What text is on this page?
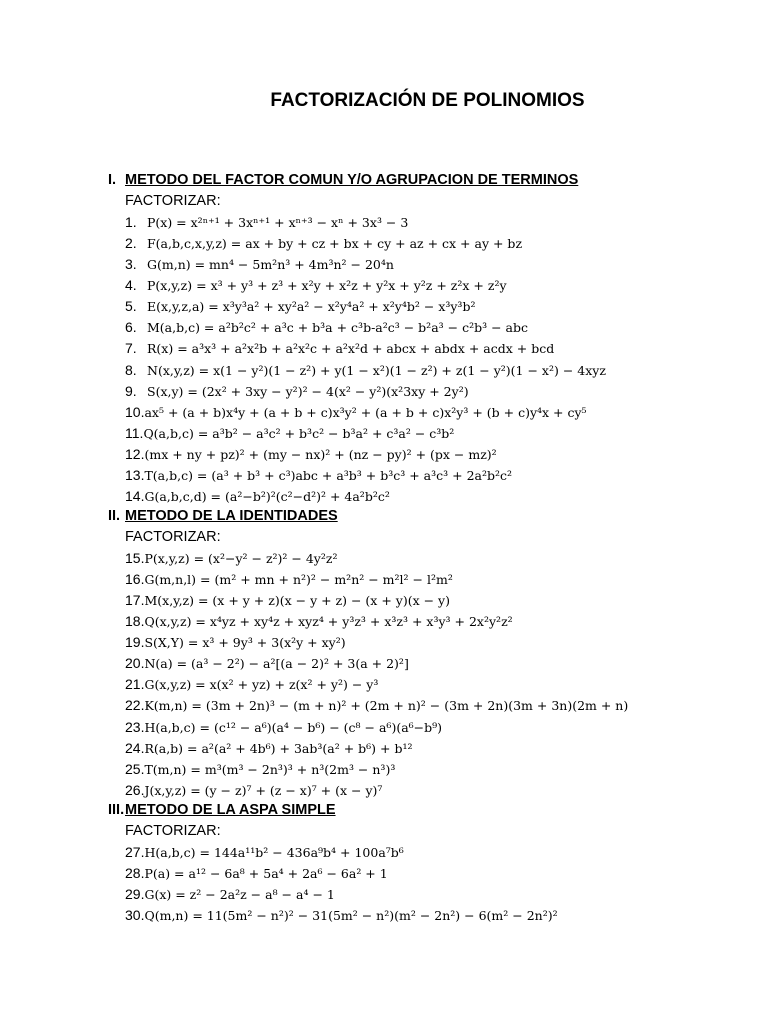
FACTORIZACIÓN DE POLINOMIOS
I. METODO DEL FACTOR COMUN Y/O AGRUPACION DE TERMINOS
FACTORIZAR:
1. P(x) = x²ⁿ⁺¹ + 3xⁿ⁺¹ + xⁿ⁺³ − xⁿ + 3x³ − 3
2. F(a,b,c,x,y,z) = ax + by + cz + bx + cy + az + cx + ay + bz
3. G(m,n) = mn⁴ − 5m²n³ + 4m³n² − 20⁴n
4. P(x,y,z) = x³ + y³ + z³ + x²y + x²z + y²x + y²z + z²x + z²y
5. E(x,y,z,a) = x³y³a² + xy²a² − x²y⁴a² + x²y⁴b² − x³y³b²
6. M(a,b,c) = a²b²c² + a³c + b³a + c³b-a²c³ − b²a³ − c²b³ − abc
7. R(x) = a³x³ + a²x²b + a²x²c + a²x²d + abcx + abdx + acdx + bcd
8. N(x,y,z) = x(1 − y²)(1 − z²) + y(1 − x²)(1 − z²) + z(1 − y²)(1 − x²) − 4xyz
9. S(x,y) = (2x² + 3xy − y²)² − 4(x² − y²)(x²3xy + 2y²)
10.ax⁵ + (a + b)x⁴y + (a + b + c)x³y² + (a + b + c)x²y³ + (b + c)y⁴x + cy⁵
11.Q(a,b,c) = a³b² − a³c² + b³c² − b³a² + c³a² − c³b²
12.(mx + ny + pz)² + (my − nx)² + (nz − py)² + (px − mz)²
13.T(a,b,c) = (a³ + b³ + c³)abc + a³b³ + b³c³ + a³c³ + 2a²b²c²
14.G(a,b,c,d) = (a²−b²)²(c²−d²)² + 4a²b²c²
II. METODO DE LA IDENTIDADES
FACTORIZAR:
15.P(x,y,z) = (x²−y² − z²)² − 4y²z²
16.G(m,n,l) = (m² + mn + n²)² − m²n² − m²l² − l²m²
17.M(x,y,z) = (x + y + z)(x − y + z) − (x + y)(x − y)
18.Q(x,y,z) = x⁴yz + xy⁴z + xyz⁴ + y³z³ + x³z³ + x³y³ + 2x²y²z²
19.S(X,Y) = x³ + 9y³ + 3(x²y + xy²)
20.N(a) = (a³ − 2²) − a²[(a − 2)² + 3(a + 2)²]
21.G(x,y,z) = x(x² + yz) + z(x² + y²) − y³
22.K(m,n) = (3m + 2n)³ − (m + n)² + (2m + n)² − (3m + 2n)(3m + 3n)(2m + n)
23.H(a,b,c) = (c¹² − a⁶)(a⁴ − b⁶) − (c⁸ − a⁶)(a⁶−b⁹)
24.R(a,b) = a²(a² + 4b⁶) + 3ab³(a² + b⁶) + b¹²
25.T(m,n) = m³(m³ − 2n³)³ + n³(2m³ − n³)³
26.J(x,y,z) = (y − z)⁷ + (z − x)⁷ + (x − y)⁷
III.METODO DE LA ASPA SIMPLE
FACTORIZAR:
27.H(a,b,c) = 144a¹¹b² − 436a⁹b⁴ + 100a⁷b⁶
28.P(a) = a¹² − 6a⁸ + 5a⁴ + 2a⁶ − 6a² + 1
29.G(x) = z² − 2a²z − a⁸ − a⁴ − 1
30.Q(m,n) = 11(5m² − n²)² − 31(5m² − n²)(m² − 2n²) − 6(m² − 2n²)²
